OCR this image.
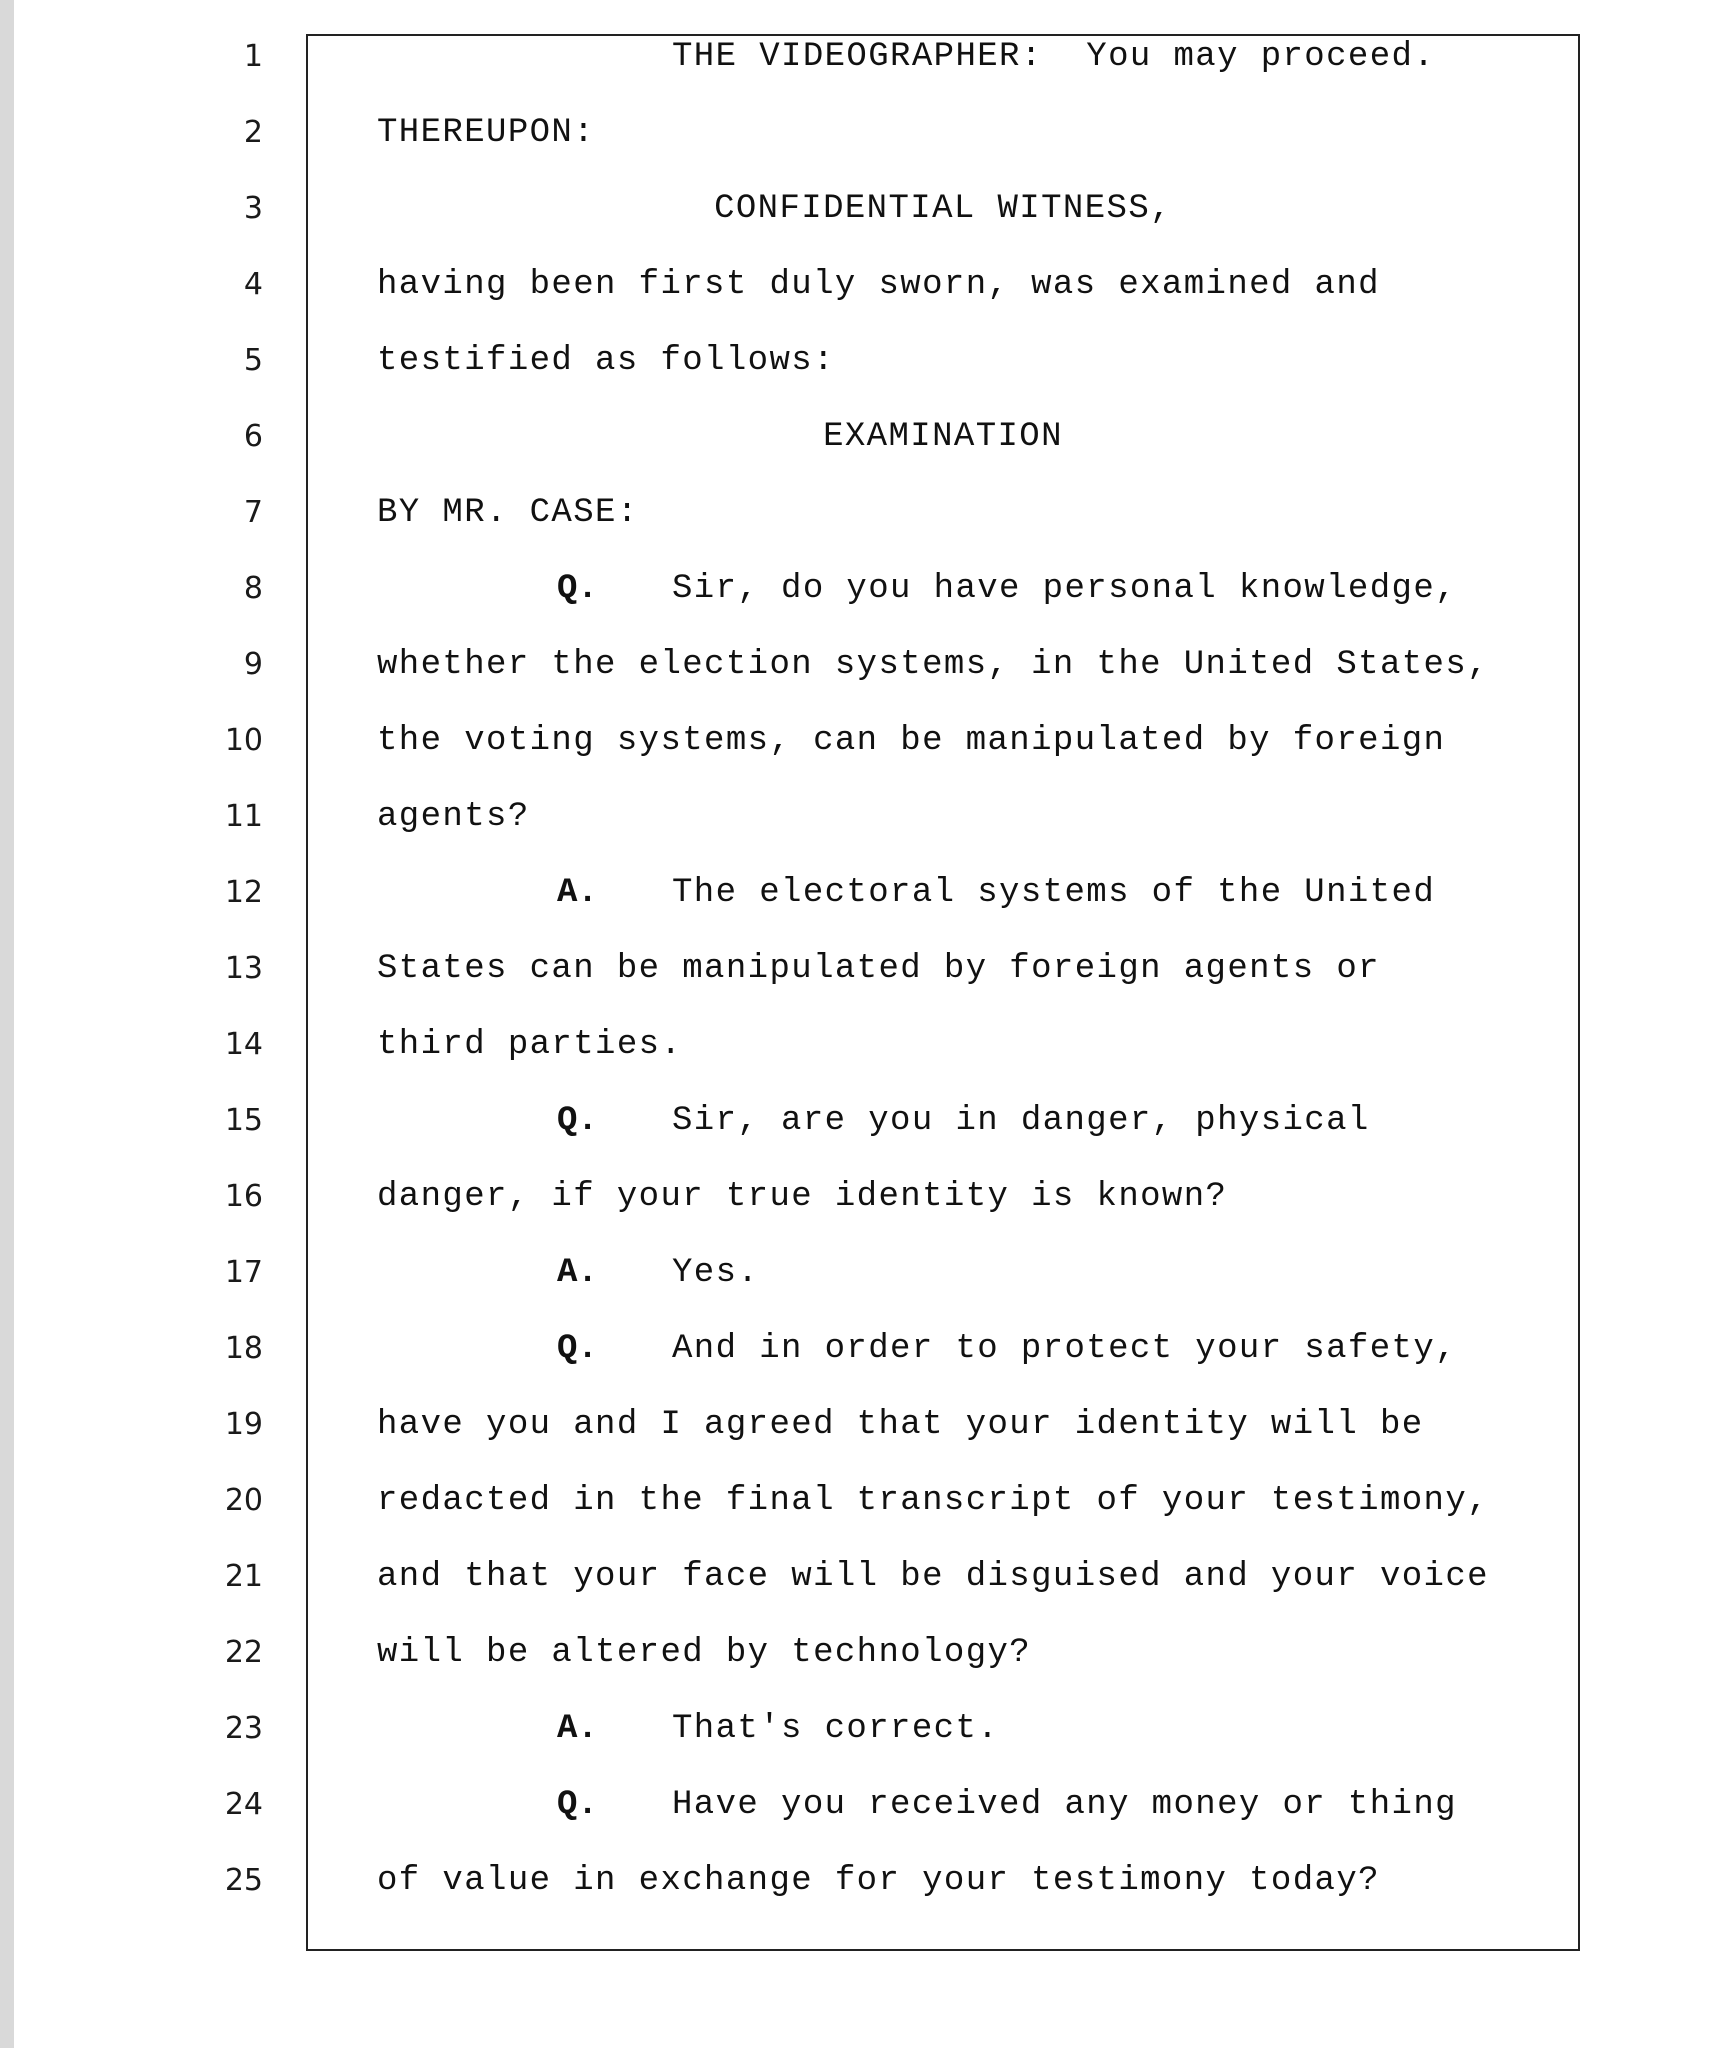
1
2
3
4
5
6
7
8
9
10
11
12
13
14
15
16
17
18
19
20
21
22
23
24
25
THE VIDEOGRAPHER:  You may proceed.
THEREUPON:
CONFIDENTIAL WITNESS,
having been first duly sworn, was examined and
testified as follows:
EXAMINATION
BY MR. CASE:
Q. Sir, do you have personal knowledge,
whether the election systems, in the United States,
the voting systems, can be manipulated by foreign
agents?
A. The electoral systems of the United
States can be manipulated by foreign agents or
third parties.
Q. Sir, are you in danger, physical
danger, if your true identity is known?
A. Yes.
Q. And in order to protect your safety,
have you and I agreed that your identity will be
redacted in the final transcript of your testimony,
and that your face will be disguised and your voice
will be altered by technology?
A. That's correct.
Q. Have you received any money or thing
of value in exchange for your testimony today?
